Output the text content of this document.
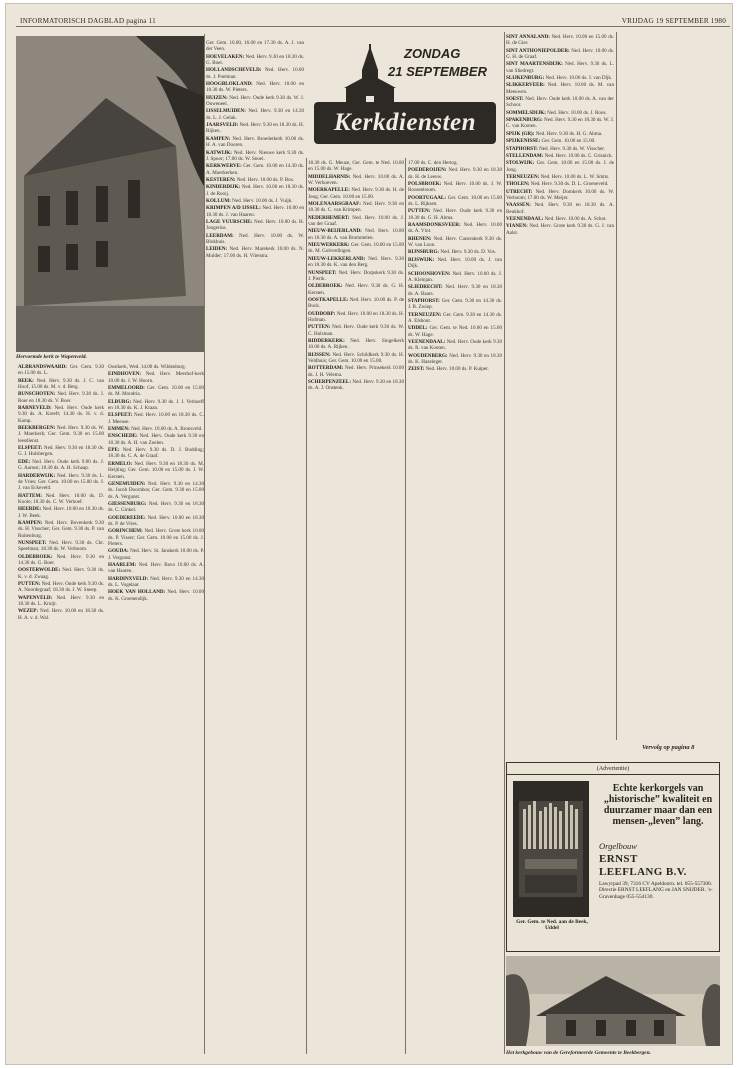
INFORMATORISCH DAGBLAD pagina 11	VRIJDAG 19 SEPTEMBER 1980
Hervormde kerk te Wapenveld.
ZONDAG
21 SEPTEMBER
Kerkdiensten

ALBRANDSWAARD: Ger. Gem. 9.30 en 15.00 ds. L.

BEEK: Ned. Herv. 9.30 ds. J. C. van Hoof, 15.00 ds. M. v. d. Berg.

BUNSCHOTEN: Ned. Herv. 9.30 ds. J. Boer en 18.30 ds. V. Boer.

BARNEVELD: Ned. Herv. Oude kerk 9.30 ds. A. Kreeft; 14.30 ds. H. v. d. Kamp.

BEEKBERGEN: Ned. Herv. 9.30 ds. W. J. Moerkerk; Ger. Gem. 9.30 en 15.00 leesdienst.

ELSPEET: Ned. Herv. 9.30 en 18.30 ds. G. J. Hulsbergen.

EDE: Ned. Herv. Oude kerk 9.00 ds. J. G. Aarsen; 18.30 ds. A. H. Schaap.

HARDERWIJK: Ned. Herv. 9.30 ds. L. de Vries; Ger. Gem. 10.00 en 15.00 ds. J. J. van Eckeveld.

HATTEM: Ned. Herv. 10.00 ds. D. Koole; 18.30 ds. C. W. Verhoef.

HEERDE: Ned. Herv. 10.00 en 18.30 ds. J. W. Beek.

KAMPEN: Ned. Herv. Bovenkerk 9.30 ds. H. Visscher; Ger. Gem. 9.30 ds. P. van Ruitenburg.

NUNSPEET: Ned. Herv. 9.30 ds. Chr. Speelman; 18.30 ds. W. Verboom.

OLDEBROEK: Ned. Herv. 9.30 en 14.30 ds. G. Boer.

OOSTERWOLDE: Ned. Herv. 9.30 ds. K. v. d. Zwaag.

PUTTEN: Ned. Herv. Oude kerk 9.30 ds. A. Noordegraaf; 18.30 ds. J. W. Sneep.

WAPENVELD: Ned. Herv. 9.30 en 18.30 ds. L. Kruijt.

WEZEP: Ned. Herv. 10.00 en 18.30 ds. H. A. v. d. Wal.

Oostkerk, Wed. 14.00 ds. Wildenburg.

EINDHOVEN: Ned. Herv. Meerhof-kerk 10.00 ds. J. W. Hoorn.

EMMELOORD: Ger. Gem. 10.00 en 15.00 ds. M. Mondria.

ELBURG: Ned. Herv. 9.30 ds. J. J. Verhoeff en 18.30 ds. K. J. Kraan.

ELSPEET: Ned. Herv. 10.00 en 18.30 ds. C. J. Meeuse.

EMMEN: Ned. Herv. 10.00 ds. A. Bronsveld.

ENSCHEDE: Ned. Herv. Oude kerk 9.30 en 18.30 ds. A. H. van Zoelen.

EPE: Ned. Herv. 9.30 ds. D. J. Budding; 18.30 ds. C. A. de Graaf.

ERMELO: Ned. Herv. 9.30 en 18.30 ds. M. Heijting; Ger. Gem. 10.00 en 15.00 ds. J. W. Kersten.

GENEMUIDEN: Ned. Herv. 9.30 en 14.30 ds. Jacob Doornbos; Ger. Gem. 9.30 en 15.00 ds. A. Vergunst.

GIESSENBURG: Ned. Herv. 9.30 en 18.30 ds. C. Ginkel.

GOEDEREEDE: Ned. Herv. 10.00 en 18.30 ds. P. de Vries.

GORINCHEM: Ned. Herv. Grote kerk 10.00 ds. P. Visser; Ger. Gem. 10.00 en 15.00 ds. J. Pieters.

GOUDA: Ned. Herv. St. Janskerk 10.00 ds. P. J. Vergunst.

HAARLEM: Ned. Herv. Bavo 10.00 ds. A. van Haaren.

HARDINXVELD: Ned. Herv. 9.30 en 14.30 ds. L. Vogelaar.

HOEK VAN HOLLAND: Ned. Herv. 10.00 ds. K. Groenendijk.

Ger. Gem. 10.00, 16.00 en 17.30 ds. A. J. van der Veen.

HOEVELAKEN: Ned. Herv. 9.30 en 18.30 ds. G. Boer.

HOLLANDSCHEVELD: Ned. Herv. 10.00 ds. J. Poelman.

HOOGBLOKLAND: Ned. Herv. 10.00 en 18.30 ds. W. Pieters.

HUIZEN: Ned. Herv. Oude kerk 9.30 ds. W. J. Ouweneel.

IJSSELMUIDEN: Ned. Herv. 9.30 en 14.30 ds. L. J. Geluk.

JAARSVELD: Ned. Herv. 9.30 en 18.30 ds. H. Rijken.

KAMPEN: Ned. Herv. Broederkerk 10.00 ds. H. A. van Dooren.

KATWIJK: Ned. Herv. Nieuwe kerk 9.30 ds. J. Spoor; 17.00 ds. W. Snoei.

KERKWERVE: Ger. Gem. 10.00 en 14.30 ds. A. Moerkerken.

KESTEREN: Ned. Herv. 10.00 ds. P. Bos.

KINDERDIJK: Ned. Herv. 10.00 en 18.30 ds. J. de Rooij.

KOLLUM: Ned. Herv. 10.00 ds. J. Vuijk.

KRIMPEN A/D IJSSEL: Ned. Herv. 10.00 en 18.30 ds. J. van Haaren.

LAGE VUURSCHE: Ned. Herv. 10.00 ds. H. Jongerius.

LEERDAM: Ned. Herv. 10.00 ds. W. Blokhuis.

LEIDEN: Ned. Herv. Marekerk 10.00 ds. N. Mulder; 17.00 ds. H. Vlietstra.

18.30 ds. G. Meuze, Ger. Gem. te Ned. 10.00 en 15.00 ds. W. Hage.

MIDDELHARNIS: Ned. Herv. 10.00 ds. A. W. Verhoeven.

MOERKAPELLE: Ned. Herv. 9.30 ds. H. de Jong; Ger. Gem. 10.00 en 15.00.

MOLENAARSGRAAF: Ned. Herv. 9.30 en 18.30 ds. C. van Krimpen.

NEDERHEMERT: Ned. Herv. 10.00 ds. J. van der Graaf.

NIEUW-BEIJERLAND: Ned. Herv. 10.00 en 18.30 ds. A. van Brummelen.

NIEUWERKERK: Ger. Gem. 10.00 en 15.00 ds. M. Golverdingen.

NIEUW-LEKKERLAND: Ned. Herv. 9.30 en 18.30 ds. K. van den Berg.

NUNSPEET: Ned. Herv. Dorpskerk 9.30 ds. J. Pierik.

OLDEBROEK: Ned. Herv. 9.30 ds. G. H. Kersten.

OOSTKAPELLE: Ned. Herv. 10.00 ds. P. de Buck.

OUDDORP: Ned. Herv. 10.00 en 18.30 ds. H. Hofman.

PUTTEN: Ned. Herv. Oude kerk 9.30 ds. W. C. Hulsman.

RIDDERKERK: Ned. Herv. Singelkerk 10.00 ds. A. Rijken.

RIJSSEN: Ned. Herv. Schildkerk 9.30 ds. H. Veldhuis; Ger. Gem. 10.00 en 15.00.

ROTTERDAM: Ned. Herv. Prinsekerk 10.00 ds. J. H. Velema.

SCHERPENZEEL: Ned. Herv. 9.30 en 18.30 ds. A. J. Onstenk.

17.00 ds. C. den Hertog.

POEDEROIJEN: Ned. Herv. 9.30 en 18.30 ds. H. de Leeuw.

POLSBROEK: Ned. Herv. 10.00 ds. J. W. Roosenboom.

POORTUGAAL: Ger. Gem. 10.00 en 15.00 ds. L. Rijksen.

PUTTEN: Ned. Herv. Oude kerk 9.30 en 18.30 ds. G. H. Abma.

RAAMSDONKSVEER: Ned. Herv. 10.00 ds. A. Vlot.

RHENEN: Ned. Herv. Cunerakerk 9.30 ds. W. van Loon.

RIJNSBURG: Ned. Herv. 9.30 ds. D. Vos.

RIJSWIJK: Ned. Herv. 10.00 ds. J. van Dijk.

SCHOONHOVEN: Ned. Herv. 10.00 ds. J. A. Kleinjan.

SLIEDRECHT: Ned. Herv. 9.30 en 18.30 ds. A. Baars.

STAPHORST: Ger. Gem. 9.30 en 14.30 ds. J. B. Zwiep.

TERNEUZEN: Ger. Gem. 9.30 en 14.30 ds. A. Elshout.

UDDEL: Ger. Gem. te Ned. 10.00 en 15.00 ds. W. Hage.

VEENENDAAL: Ned. Herv. Oude kerk 9.30 ds. R. van Kooten.

WOUDENBERG: Ned. Herv. 9.30 en 18.30 ds. K. Hazeleger.

ZEIST: Ned. Herv. 10.00 ds. P. Kuiper.

SINT ANNALAND: Ned. Herv. 10.00 en 15.00 ds. H. de Gier.

SINT ANTHONIEPOLDER: Ned. Herv. 10.00 ds. G. H. de Graaf.

SINT MAARTENSDIJK: Ned. Herv. 9.30 ds. L. van Sliedregt.

SLIJKENBURG: Ned. Herv. 10.00 ds. J. van Dijk.

SLIKKERVEER: Ned. Herv. 10.00 ds. M. van Meeuwen.

SOEST: Ned. Herv. Oude kerk 10.00 ds. A. van der Schoor.

SOMMELSDIJK: Ned. Herv. 10.00 ds. J. Roos.

SPAKENBURG: Ned. Herv. 9.30 en 18.30 ds. W. J. C. van Kooten.

SPIJK (GR): Ned. Herv. 9.30 ds. H. G. Abma.

SPIJKENISSE: Ger. Gem. 10.00 en 15.00.

STAPHORST: Ned. Herv. 9.30 ds. W. Visscher.

STELLENDAM: Ned. Herv. 10.00 ds. C. Grisnich.

STOLWIJK: Ger. Gem. 10.00 en 15.00 ds. J. de Jong.

TERNEUZEN: Ned. Herv. 10.00 ds. L. W. Smits.

THOLEN: Ned. Herv. 9.30 ds. D. L. Groeneveld.

UTRECHT: Ned. Herv. Domkerk 10.00 ds. W. Verboom; 17.00 ds. W. Meijer.

VAASSEN: Ned. Herv. 9.30 en 18.30 ds. A. Beukhof.

VEENENDAAL: Ned. Herv. 10.00 ds. A. Schot.

VIANEN: Ned. Herv. Grote kerk 9.30 ds. G. J. van Aalst.

Vervolg op pagina 8
(Advertentie)
Ger. Gem. te Ned. aan de Beek, Uddel
Echte kerkorgels van „historische” kwaliteit en duurzamer maar dan een mensen-„leven” lang.
Orgelbouw
ERNST
LEEFLANG B.V.
Lawyrpad 39, 7316 CV Apeldoorn. tel. 055-557300. Directie ERNST LEEFLANG en JAN SNIJDER. ’s-Gravenhage 055-554130.
Het kerkgebouw van de Gereformeerde Gemeente te Beekbergen.
